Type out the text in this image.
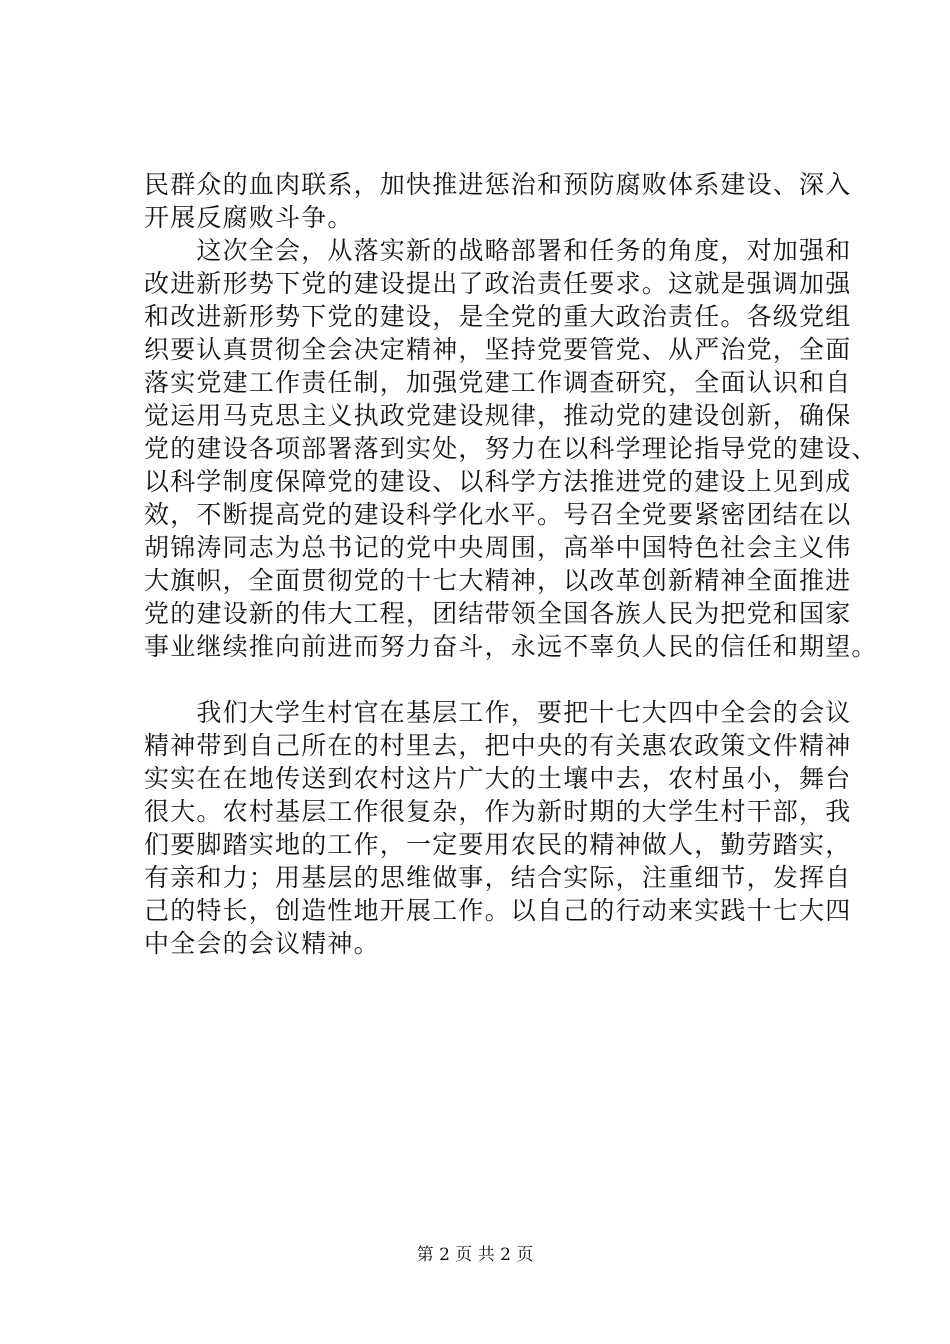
民群众的血肉联系，加快推进惩治和预防腐败体系建设、深入
开展反腐败斗争。
　　这次全会，从落实新的战略部署和任务的角度，对加强和
改进新形势下党的建设提出了政治责任要求。这就是强调加强
和改进新形势下党的建设，是全党的重大政治责任。各级党组
织要认真贯彻全会决定精神，坚持党要管党、从严治党，全面
落实党建工作责任制，加强党建工作调查研究，全面认识和自
觉运用马克思主义执政党建设规律，推动党的建设创新，确保
党的建设各项部署落到实处，努力在以科学理论指导党的建设、
以科学制度保障党的建设、以科学方法推进党的建设上见到成
效，不断提高党的建设科学化水平。号召全党要紧密团结在以
胡锦涛同志为总书记的党中央周围，高举中国特色社会主义伟
大旗帜，全面贯彻党的十七大精神，以改革创新精神全面推进
党的建设新的伟大工程，团结带领全国各族人民为把党和国家
事业继续推向前进而努力奋斗，永远不辜负人民的信任和期望。
　　我们大学生村官在基层工作，要把十七大四中全会的会议
精神带到自己所在的村里去，把中央的有关惠农政策文件精神
实实在在地传送到农村这片广大的土壤中去，农村虽小，舞台
很大。农村基层工作很复杂，作为新时期的大学生村干部，我
们要脚踏实地的工作，一定要用农民的精神做人，勤劳踏实，
有亲和力；用基层的思维做事，结合实际，注重细节，发挥自
己的特长，创造性地开展工作。以自己的行动来实践十七大四
中全会的会议精神。
第 2 页 共 2 页
